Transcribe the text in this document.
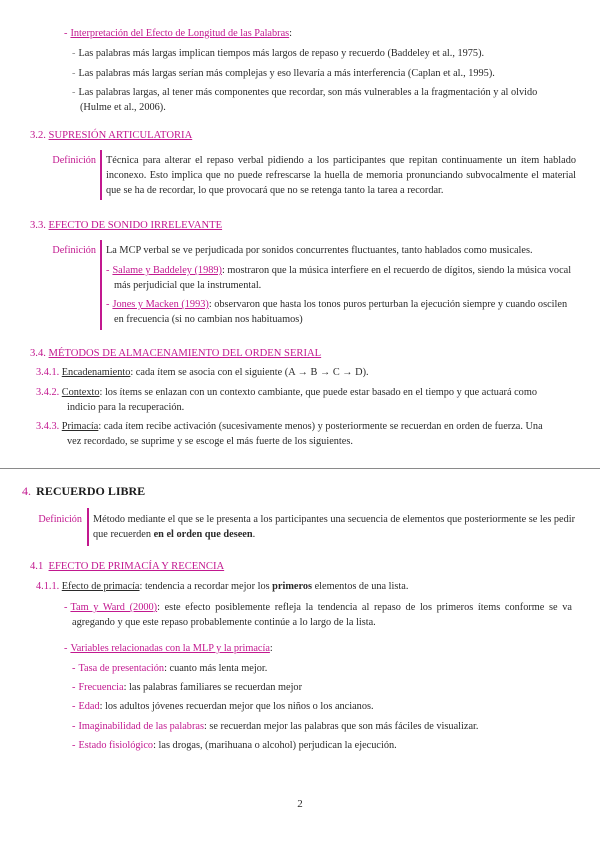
- Interpretación del Efecto de Longitud de las Palabras:
- Las palabras más largas implican tiempos más largos de repaso y recuerdo (Baddeley et al., 1975).
- Las palabras más largas serían más complejas y eso llevaría a más interferencia (Caplan et al., 1995).
- Las palabras largas, al tener más componentes que recordar, son más vulnerables a la fragmentación y al olvido
(Hulme et al., 2006).
3.2. SUPRESIÓN ARTICULATORIA
Definición Técnica para alterar el repaso verbal pidiendo a los participantes que repitan continuamente un ítem hablado
inconexo. Esto implica que no puede refrescarse la huella de memoria pronunciando subvocalmente el material
que se ha de recordar, lo que provocará que no se retenga tanto la tarea a recordar.
3.3. EFECTO DE SONIDO IRRELEVANTE
Definición La MCP verbal se ve perjudicada por sonidos concurrentes fluctuantes, tanto hablados como musicales.
- Salame y Baddeley (1989): mostraron que la música interfiere en el recuerdo de dígitos, siendo la música vocal
más perjudicial que la instrumental.
- Jones y Macken (1993): observaron que hasta los tonos puros perturban la ejecución siempre y cuando oscilen
en frecuencia (si no cambian nos habituamos)
3.4. MÉTODOS DE ALMACENAMIENTO DEL ORDEN SERIAL
3.4.1. Encadenamiento: cada ítem se asocia con el siguiente (A → B → C → D).
3.4.2. Contexto: los ítems se enlazan con un contexto cambiante, que puede estar basado en el tiempo y que actuará como
indicio para la recuperación.
3.4.3. Primacía: cada ítem recibe activación (sucesivamente menos) y posteriormente se recuerdan en orden de fuerza. Una
vez recordado, se suprime y se escoge el más fuerte de los siguientes.
4. RECUERDO LIBRE
Definición Método mediante el que se le presenta a los participantes una secuencia de elementos que posteriormente se les pedir
que recuerden en el orden que deseen.
4.1 EFECTO DE PRIMACÍA Y RECENCIA
4.1.1. Efecto de primacía: tendencia a recordar mejor los primeros elementos de una lista.
- Tam y Ward (2000): este efecto posiblemente refleja la tendencia al repaso de los primeros ítems conforme se va
agregando y que este repaso probablemente continúe a lo largo de la lista.
- Variables relacionadas con la MLP y la primacía:
- Tasa de presentación: cuanto más lenta mejor.
- Frecuencia: las palabras familiares se recuerdan mejor
- Edad: los adultos jóvenes recuerdan mejor que los niños o los ancianos.
- Imaginabilidad de las palabras: se recuerdan mejor las palabras que son más fáciles de visualizar.
- Estado fisiológico: las drogas, (marihuana o alcohol) perjudican la ejecución.
2
